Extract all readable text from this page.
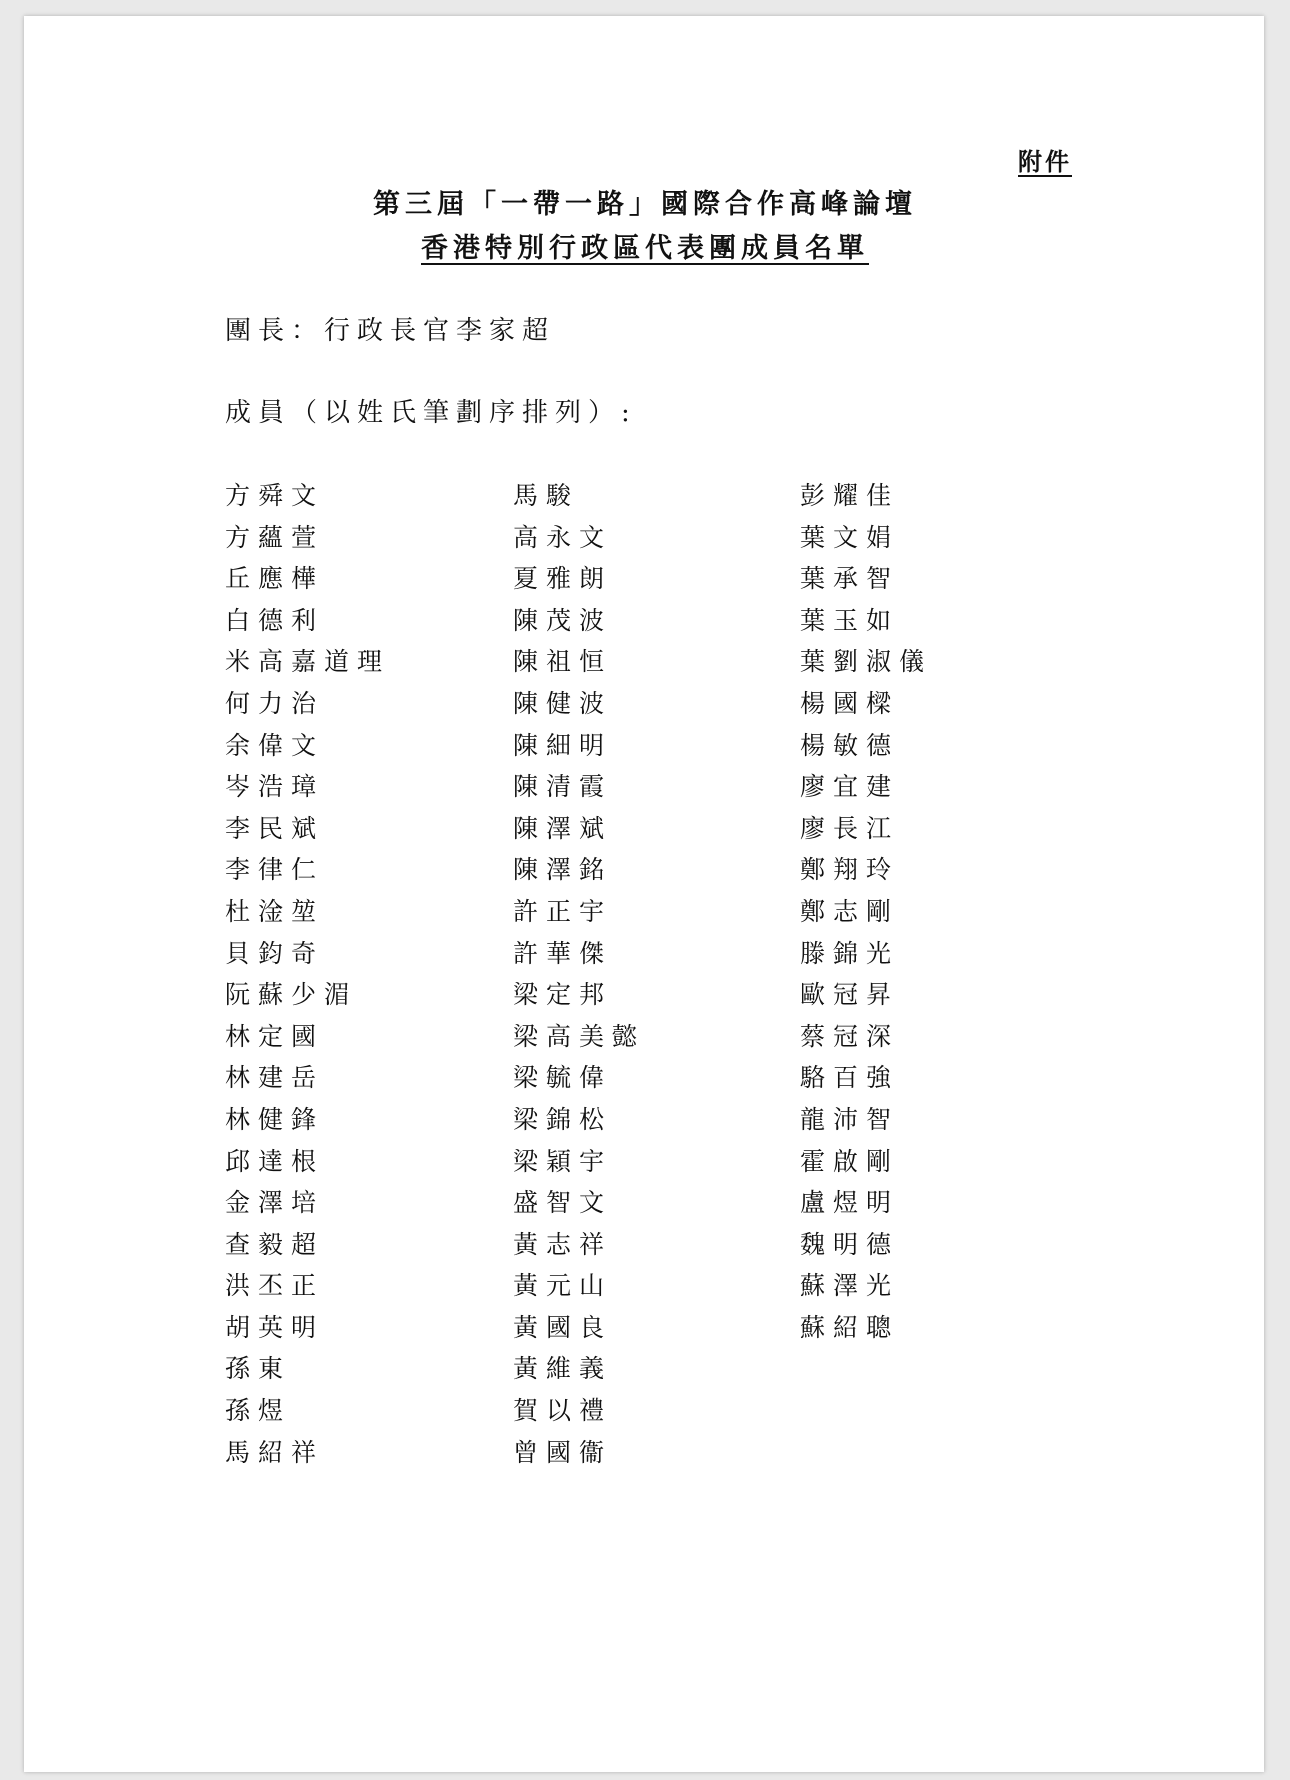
附件
第三屆「一帶一路」國際合作高峰論壇
香港特別行政區代表團成員名單
團長：行政長官李家超
成員（以姓氏筆劃序排列）:
方舜文
方蘊萱
丘應樺
白德利
米高嘉道理
何力治
余偉文
岑浩璋
李民斌
李律仁
杜淦堃
貝鈞奇
阮蘇少湄
林定國
林建岳
林健鋒
邱達根
金澤培
查毅超
洪丕正
胡英明
孫東
孫煜
馬紹祥
馬駿
高永文
夏雅朗
陳茂波
陳祖恒
陳健波
陳細明
陳清霞
陳澤斌
陳澤銘
許正宇
許華傑
梁定邦
梁高美懿
梁毓偉
梁錦松
梁穎宇
盛智文
黃志祥
黃元山
黃國良
黃維義
賀以禮
曾國衞
彭耀佳
葉文娟
葉承智
葉玉如
葉劉淑儀
楊國樑
楊敏德
廖宜建
廖長江
鄭翔玲
鄭志剛
滕錦光
歐冠昇
蔡冠深
駱百強
龍沛智
霍啟剛
盧煜明
魏明德
蘇澤光
蘇紹聰
